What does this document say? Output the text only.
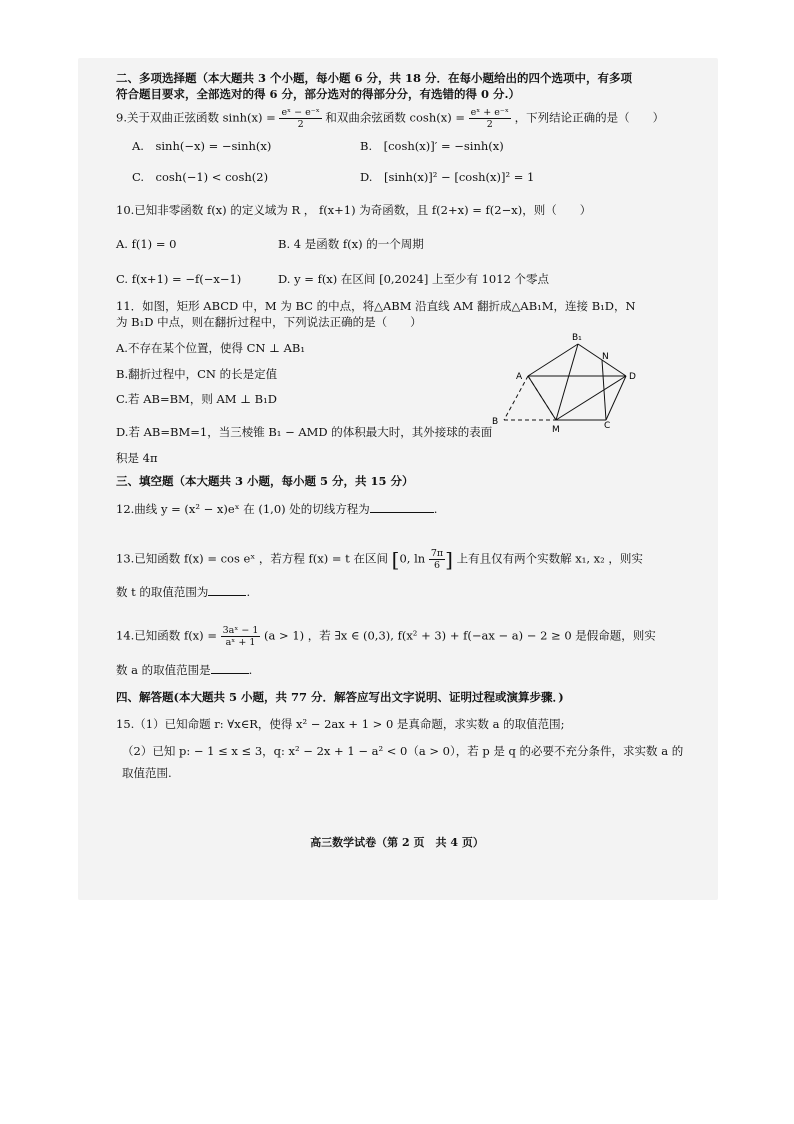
二、多项选择题（本大题共 3 个小题，每小题 6 分，共 18 分．在每小题给出的四个选项中，有多项
符合题目要求，全部选对的得 6 分，部分选对的得部分分，有选错的得 0 分.）
9.关于双曲正弦函数 $\sinh(x) = \frac{\text{eˣ − e⁻ˣ}}{2}$ 和双曲余弦函数 $\cosh(x) = \frac{\text{eˣ + e⁻ˣ}}{2}$ ，下列结论正确的是（　　）
A.　sinh(−x) = −sinh(x)	B.　[cosh(x)]′ = −sinh(x)
C.　cosh(−1) < cosh(2)	D.　[sinh(x)]² − [cosh(x)]² = 1
10.已知非零函数 f(x) 的定义域为 R ， f(x+1) 为奇函数，且 f(2+x) = f(2−x)，则（　　）
A. f(1) = 0	B. 4 是函数 f(x) 的一个周期
C. f(x+1) = −f(−x−1)	D. y = f(x) 在区间 [0,2024] 上至少有 1012 个零点
11．如图，矩形 ABCD 中，M 为 BC 的中点，将△ABM 沿直线 AM 翻折成△AB₁M，连接 B₁D，N
为 B₁D 中点，则在翻折过程中，下列说法正确的是（　　）
A.不存在某个位置，使得 CN ⊥ AB₁
B.翻折过程中，CN 的长是定值
C.若 AB=BM，则 AM ⊥ B₁D
D.若 AB=BM=1，当三棱锥 B₁ − AMD 的体积最大时，其外接球的表面
积是 4π
B₁
N
A	D
B
M	C
三、填空题（本大题共 3 小题，每小题 5 分，共 15 分）
12.曲线 y = (x² − x)eˣ 在 (1,0) 处的切线方程为	.
13.已知函数 f(x) = cos eˣ ，若方程 f(x) = t 在区间 [0, $\ln \frac{7\pi}{6}$ ] 上有且仅有两个实数解 x₁, x₂ ，则实
数 t 的取值范围为	.
14.已知函数 $f(x) = \frac{\text{3aˣ − 1}}{\text{aˣ + 1}} (a > 1)$ ，若 ∃x ∈ (0,3), f(x² + 3) + f(−ax − a) − 2 ≥ 0 是假命题，则实
数 a 的取值范围是	.
四、解答题(本大题共 5 小题，共 77 分．解答应写出文字说明、证明过程或演算步骤．)
15.（1）已知命题 r: ∀x∈R，使得 x² − 2ax + 1 > 0 是真命题，求实数 a 的取值范围;
（2）已知 p: − 1 ≤ x ≤ 3，q: x² − 2x + 1 − a² < 0（a > 0），若 p 是 q 的必要不充分条件，求实数 a 的
取值范围.
高三数学试卷（第 2 页　共 4 页）
